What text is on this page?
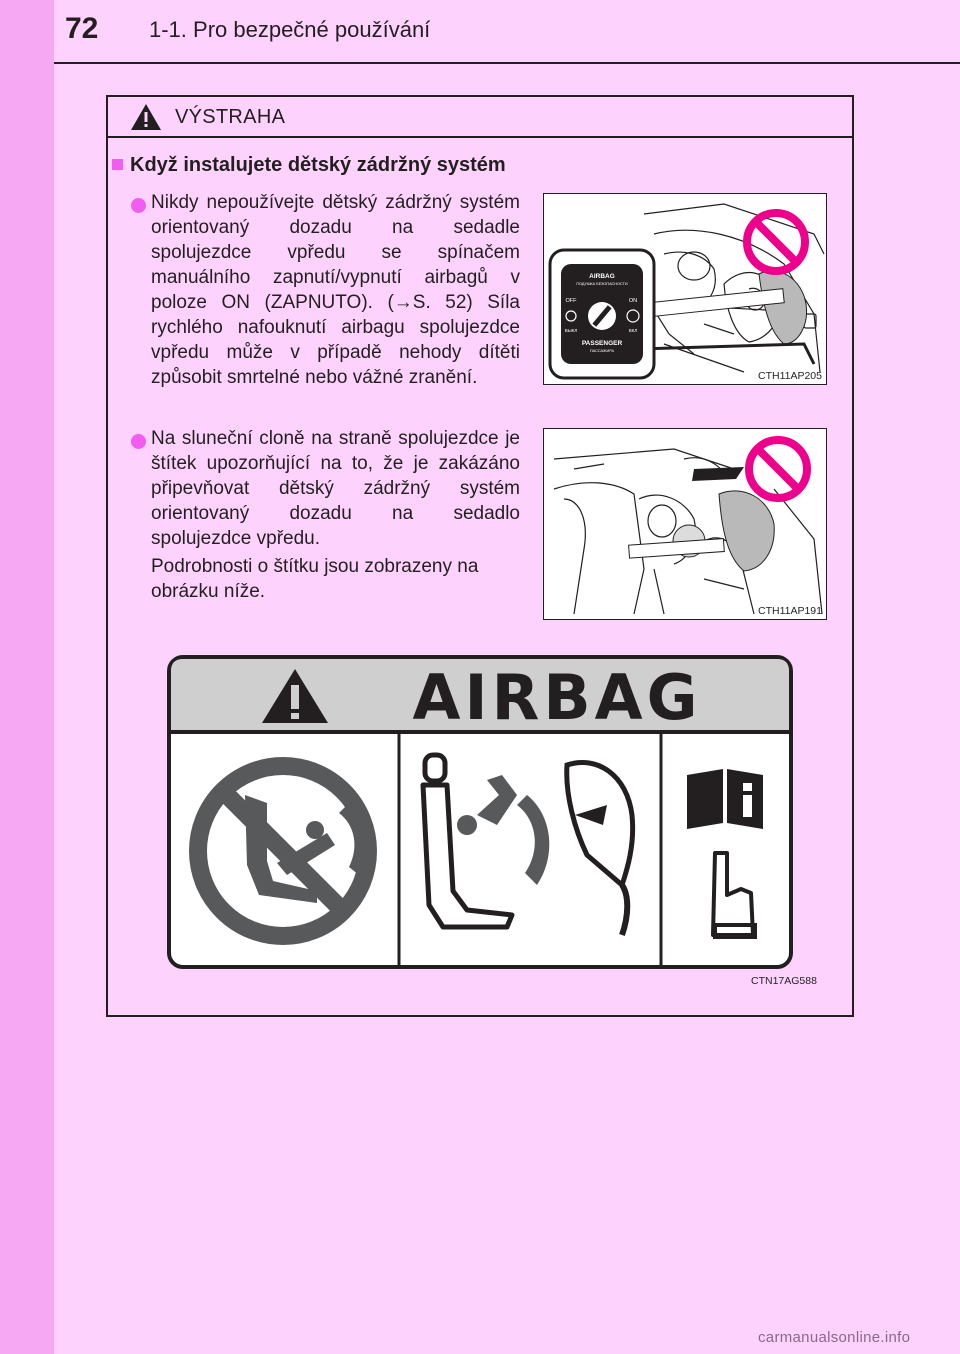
72 1-1. Pro bezpečné používání
VÝSTRAHA
Když instalujete dětský zádržný systém
Nikdy nepoužívejte dětský zádržný systém orientovaný dozadu na sedadle spolujezdce vpředu se spínačem manuálního zapnutí/vypnutí airbagů v poloze ON (ZAPNUTO). (→S. 52) Síla rychlého nafouknutí airbagu spolujezdce vpředu může v případě nehody dítěti způsobit smrtelné nebo vážné zranění.
AIRBAG
ПОДУШКА БЕЗОПАСНОСТИ
OFF	ON
ВЫКЛ	ВКЛ
PASSENGER
ПАССАЖИРА
CTH11AP205
Na sluneční cloně na straně spolujezdce je štítek upozorňující na to, že je zakázáno připevňovat dětský zádržný systém orientovaný dozadu na sedadlo spolujezdce vpředu.
Podrobnosti o štítku jsou zobrazeny na obrázku níže.
CTH11AP191
AIRBAG
CTN17AG588
carmanualsonline.info
